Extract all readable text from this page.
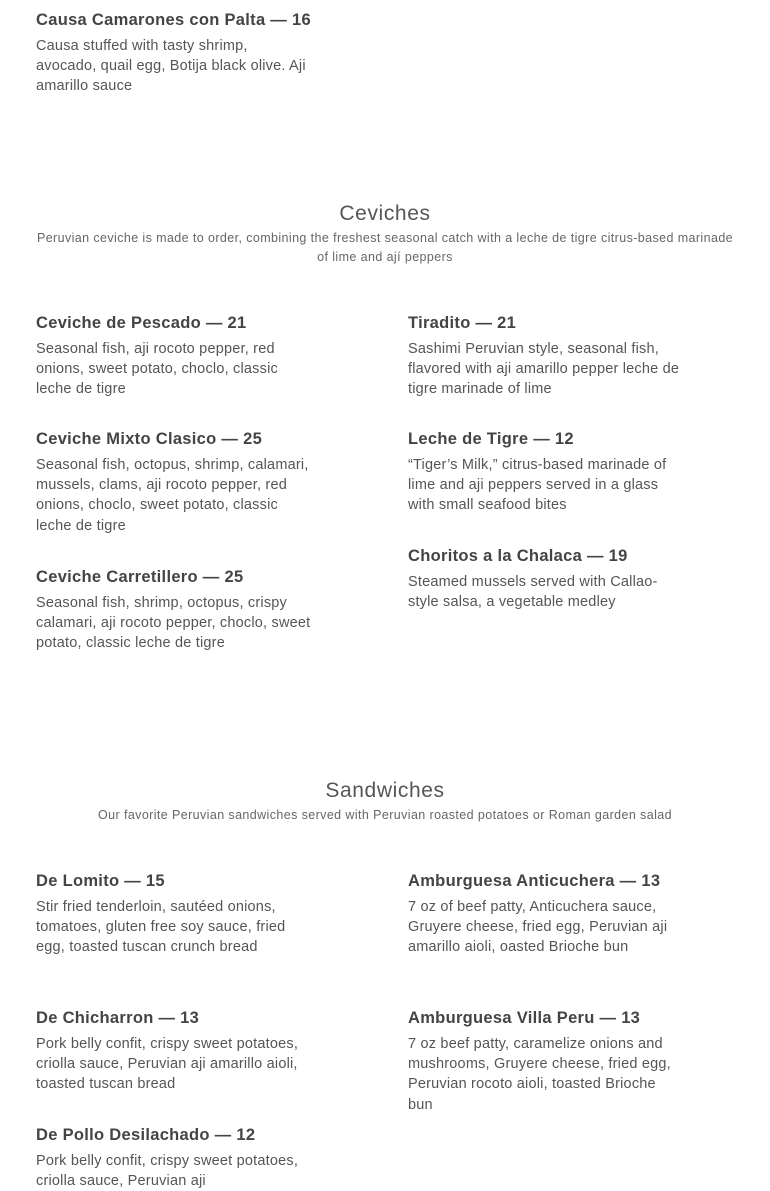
Causa Camarones con Palta — 16

Causa stuffed with tasty shrimp, avocado, quail egg, Botija black olive. Aji amarillo sauce

Ceviches

Peruvian ceviche is made to order, combining the freshest seasonal catch with a leche de tigre citrus-based marinade of lime and ají peppers

Ceviche de Pescado — 21

Seasonal fish, aji rocoto pepper, red onions, sweet potato, choclo, classic leche de tigre

Tiradito — 21

Sashimi Peruvian style, seasonal fish, flavored with aji amarillo pepper leche de tigre marinade of lime

Ceviche Mixto Clasico — 25

Seasonal fish, octopus, shrimp, calamari, mussels, clams, aji rocoto pepper, red onions, choclo, sweet potato, classic leche de tigre

Leche de Tigre — 12

“Tiger’s Milk,” citrus-based marinade of lime and aji peppers served in a glass with small seafood bites

Ceviche Carretillero — 25

Seasonal fish, shrimp, octopus, crispy calamari, aji rocoto pepper, choclo, sweet potato, classic leche de tigre

Choritos a la Chalaca — 19

Steamed mussels served with Callao-style salsa, a vegetable medley

Sandwiches

Our favorite Peruvian sandwiches served with Peruvian roasted potatoes or Roman garden salad

De Lomito — 15

Stir fried tenderloin, sautéed onions, tomatoes, gluten free soy sauce, fried egg, toasted tuscan crunch bread

Amburguesa Anticuchera — 13

7 oz of beef patty, Anticuchera sauce, Gruyere cheese, fried egg, Peruvian aji amarillo aioli, oasted Brioche bun

De Chicharron — 13

Pork belly confit, crispy sweet potatoes, criolla sauce, Peruvian aji amarillo aioli, toasted tuscan bread

Amburguesa Villa Peru — 13

7 oz beef patty, caramelize onions and mushrooms, Gruyere cheese, fried egg, Peruvian rocoto aioli, toasted Brioche bun

De Pollo Desilachado — 12

Pork belly confit, crispy sweet potatoes, criolla sauce, Peruvian aji
